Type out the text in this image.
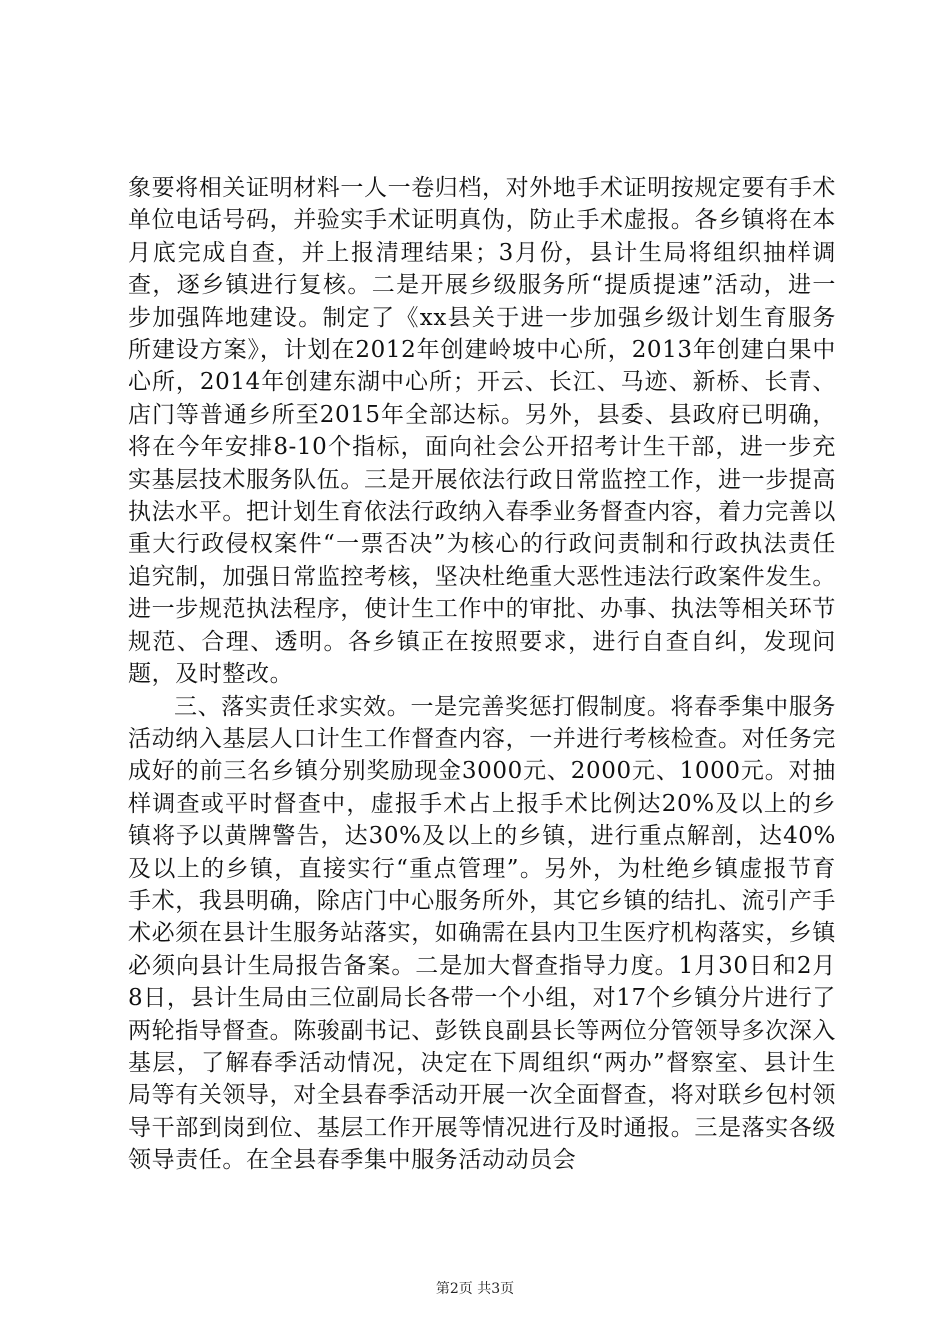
象要将相关证明材料一人一卷归档，对外地手术证明按规定要有手术单位电话号码，并验实手术证明真伪，防止手术虚报。各乡镇将在本月底完成自查，并上报清理结果；3月份，县计生局将组织抽样调查，逐乡镇进行复核。二是开展乡级服务所“提质提速”活动，进一步加强阵地建设。制定了《xx县关于进一步加强乡级计划生育服务所建设方案》，计划在2012年创建岭坡中心所，2013年创建白果中心所，2014年创建东湖中心所；开云、长江、马迹、新桥、长青、店门等普通乡所至2015年全部达标。另外，县委、县政府已明确，将在今年安排8-10个指标，面向社会公开招考计生干部，进一步充实基层技术服务队伍。三是开展依法行政日常监控工作，进一步提高执法水平。把计划生育依法行政纳入春季业务督查内容，着力完善以重大行政侵权案件“一票否决”为核心的行政问责制和行政执法责任追究制，加强日常监控考核，坚决杜绝重大恶性违法行政案件发生。进一步规范执法程序，使计生工作中的审批、办事、执法等相关环节规范、合理、透明。各乡镇正在按照要求，进行自查自纠，发现问题，及时整改。

三、落实责任求实效。一是完善奖惩打假制度。将春季集中服务活动纳入基层人口计生工作督查内容，一并进行考核检查。对任务完成好的前三名乡镇分别奖励现金3000元、2000元、1000元。对抽样调查或平时督查中，虚报手术占上报手术比例达20%及以上的乡镇将予以黄牌警告，达30%及以上的乡镇，进行重点解剖，达40%及以上的乡镇，直接实行“重点管理”。另外，为杜绝乡镇虚报节育手术，我县明确，除店门中心服务所外，其它乡镇的结扎、流引产手术必须在县计生服务站落实，如确需在县内卫生医疗机构落实，乡镇必须向县计生局报告备案。二是加大督查指导力度。1月30日和2月8日，县计生局由三位副局长各带一个小组，对17个乡镇分片进行了两轮指导督查。陈骏副书记、彭铁良副县长等两位分管领导多次深入基层，了解春季活动情况，决定在下周组织“两办”督察室、县计生局等有关领导，对全县春季活动开展一次全面督查，将对联乡包村领导干部到岗到位、基层工作开展等情况进行及时通报。三是落实各级领导责任。在全县春季集中服务活动动员会

第2页 共3页
